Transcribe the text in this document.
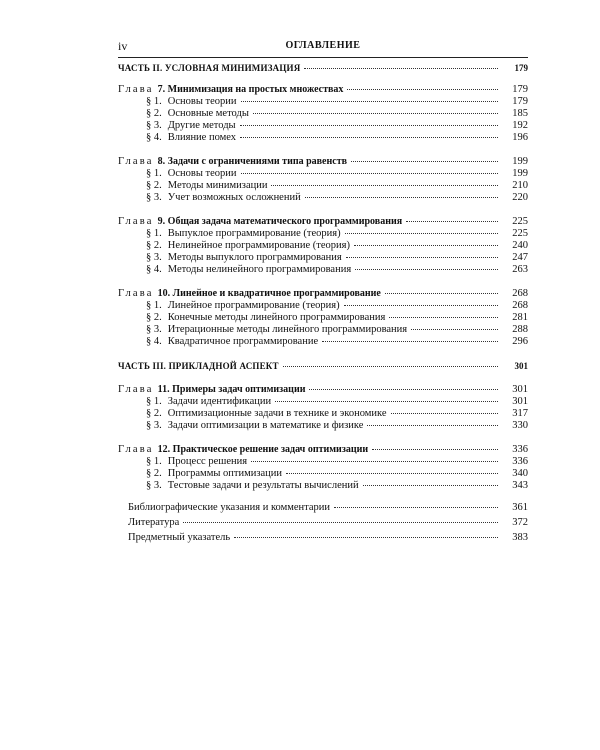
iv	ОГЛАВЛЕНИЕ
ЧАСТЬ II. УСЛОВНАЯ МИНИМИЗАЦИЯ	179
Глава 7. Минимизация на простых множествах	179
§ 1. Основы теории	179
§ 2. Основные методы	185
§ 3. Другие методы	192
§ 4. Влияние помех	196
Глава 8. Задачи с ограничениями типа равенств	199
§ 1. Основы теории	199
§ 2. Методы минимизации	210
§ 3. Учет возможных осложнений	220
Глава 9. Общая задача математического программирования	225
§ 1. Выпуклое программирование (теория)	225
§ 2. Нелинейное программирование (теория)	240
§ 3. Методы выпуклого программирования	247
§ 4. Методы нелинейного программирования	263
Глава 10. Линейное и квадратичное программирование	268
§ 1. Линейное программирование (теория)	268
§ 2. Конечные методы линейного программирования	281
§ 3. Итерационные методы линейного программирования	288
§ 4. Квадратичное программирование	296
ЧАСТЬ III. ПРИКЛАДНОЙ АСПЕКТ	301
Глава 11. Примеры задач оптимизации	301
§ 1. Задачи идентификации	301
§ 2. Оптимизационные задачи в технике и экономике	317
§ 3. Задачи оптимизации в математике и физике	330
Глава 12. Практическое решение задач оптимизации	336
§ 1. Процесс решения	336
§ 2. Программы оптимизации	340
§ 3. Тестовые задачи и результаты вычислений	343
Библиографические указания и комментарии	361
Литература	372
Предметный указатель	383
